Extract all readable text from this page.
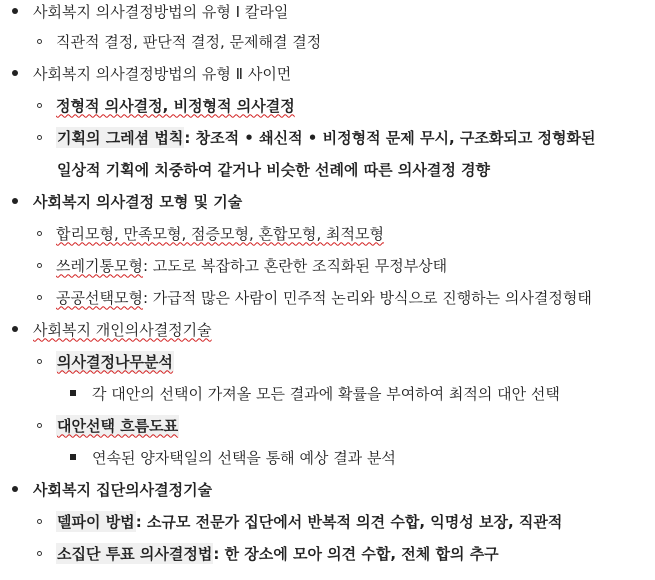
사회복지 의사결정방법의 유형 Ⅰ 칼라일
직관적 결정, 판단적 결정, 문제해결 결정
사회복지 의사결정방법의 유형 Ⅱ 사이먼
정형적 의사결정, 비정형적 의사결정
기획의 그레셤 법칙 : 창조적 • 쇄신적 • 비정형적 문제 무시, 구조화되고 정형화된
일상적 기획에 치중하여 같거나 비슷한 선례에 따른 의사결정 경향
사회복지 의사결정 모형 및 기술
합리모형, 만족모형, 점증모형, 혼합모형, 최적모형
쓰레기통모형 : 고도로 복잡하고 혼란한 조직화된 무정부상태
공공선택모형 : 가급적 많은 사람이 민주적 논리와 방식으로 진행하는 의사결정형태
사회복지 개인의사결정기술
의사결정나무분석
각 대안의 선택이 가져올 모든 결과에 확률을 부여하여 최적의 대안 선택
대안선택 흐름도표
연속된 양자택일의 선택을 통해 예상 결과 분석
사회복지 집단의사결정기술
델파이 방법 : 소규모 전문가 집단에서 반복적 의견 수합, 익명성 보장, 직관적
소집단 투표 의사결정법 : 한 장소에 모아 의견 수합, 전체 합의 추구
